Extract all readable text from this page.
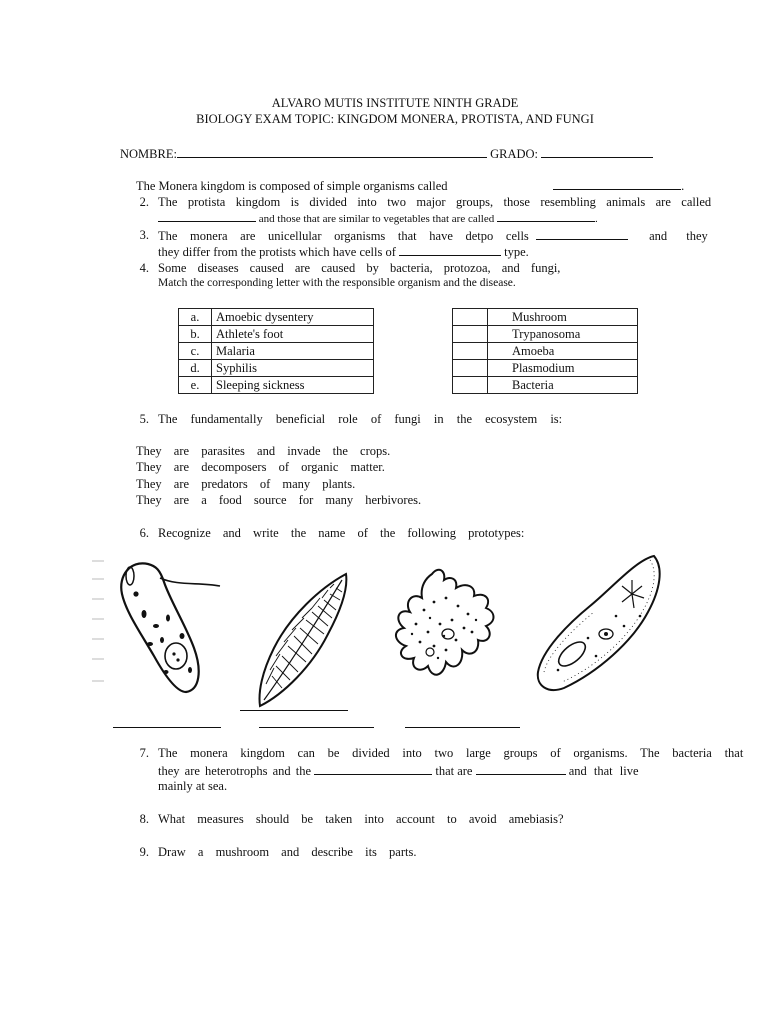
ALVARO MUTIS INSTITUTE NINTH GRADE
BIOLOGY EXAM TOPIC: KINGDOM MONERA, PROTISTA, AND FUNGI
NOMBRE:	GRADO:
The Monera kingdom is composed of simple organisms called	.
2. The protista kingdom is divided into two major groups, those resembling animals are called
and those that are similar to vegetables that are called	.
3. The monera are unicellular organisms that have detpo cells	and they
they differ from the protists which have cells of	type.
4. Some diseases caused are caused by bacteria, protozoa, and fungi,
Match the corresponding letter with the responsible organism and the disease.
a.	Amoebic dysentery
b.	Athlete's foot
c.	Malaria
d.	Syphilis
e.	Sleeping sickness
	Mushroom
	Trypanosoma
	Amoeba
	Plasmodium
	Bacteria
5. The fundamentally beneficial role of fungi in the ecosystem is:
They are parasites and invade the crops.
They are decomposers of organic matter.
They are predators of many plants.
They are a food source for many herbivores.
6. Recognize and write the name of the following prototypes:
7. The monera kingdom can be divided into two large groups of organisms. The bacteria that
they are heterotrophs and the	that are	and that live
mainly at sea.
8. What measures should be taken into account to avoid amebiasis?
9. Draw a mushroom and describe its parts.
